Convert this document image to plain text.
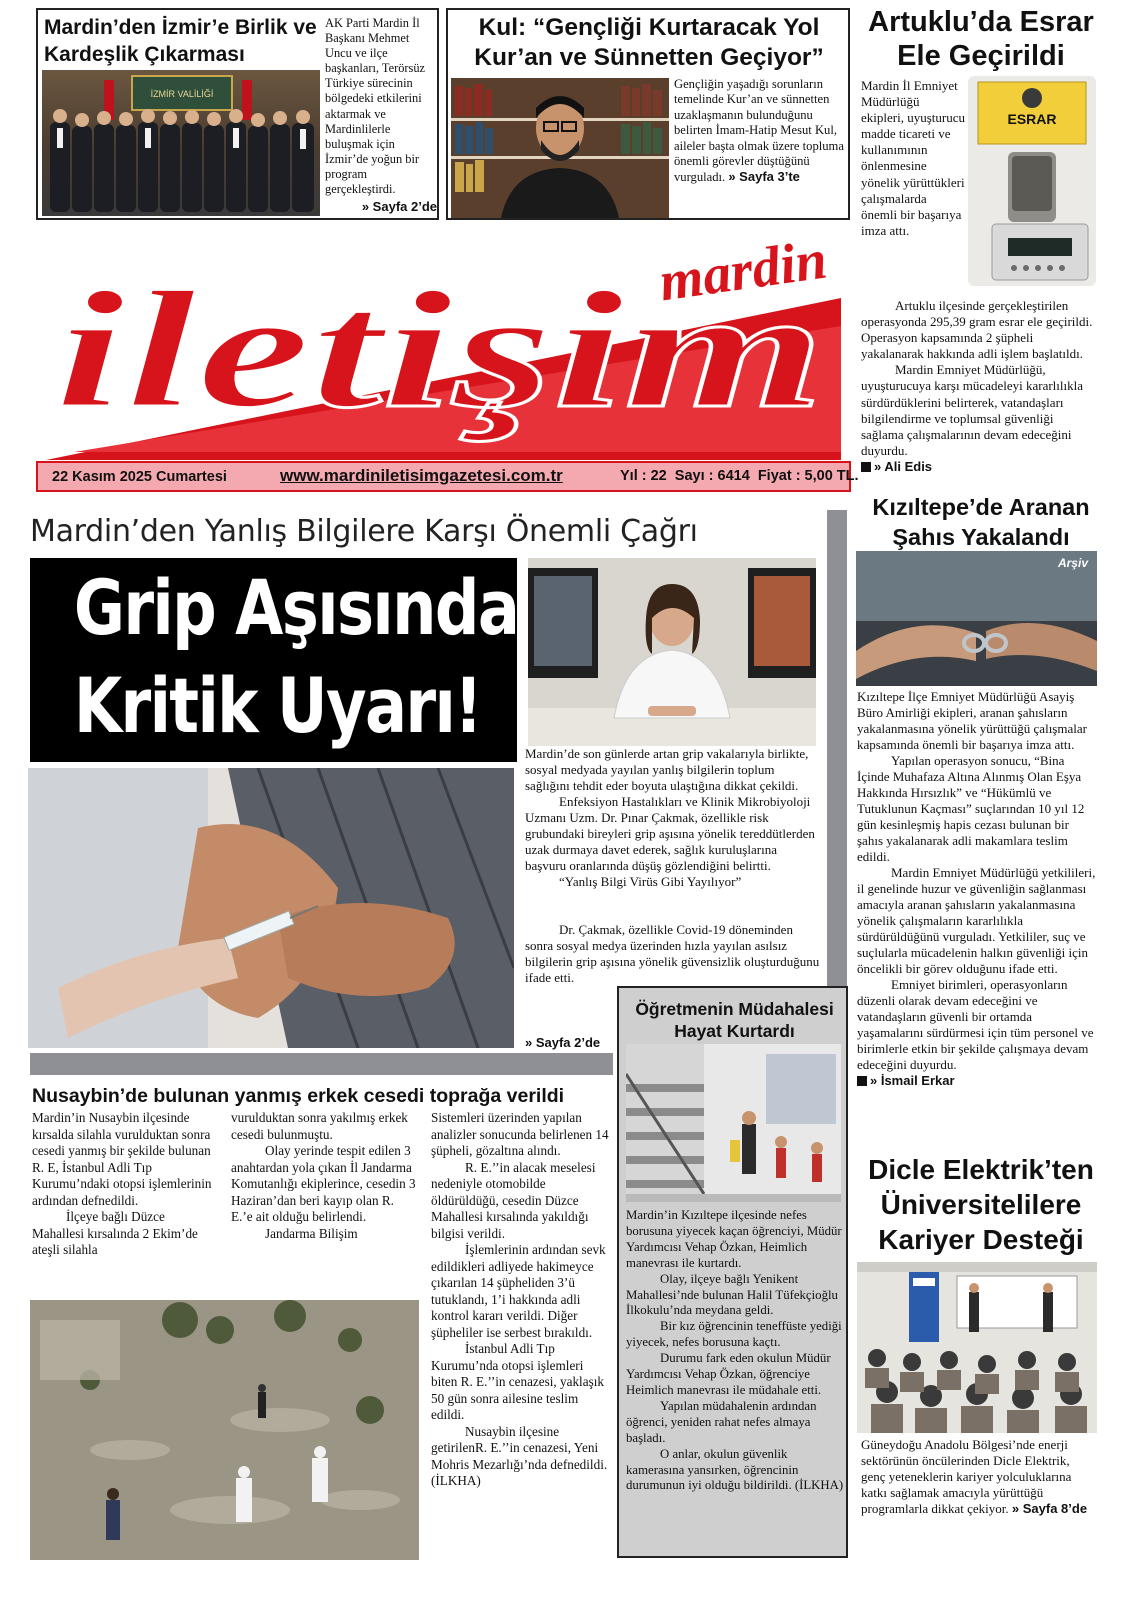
Mardin’den İzmir’e Birlik ve Kardeşlik Çıkarması
İZMİR VALİLİĞİ
AK Parti Mardin İl Başkanı Mehmet Uncu ve ilçe başkanları, Terörsüz Türkiye sürecinin bölgedeki etkilerini aktarmak ve Mardinlilerle buluşmak için İzmir’de yoğun bir program gerçekleştirdi.
» Sayfa 2’de
Kul: “Gençliği Kurtaracak Yol Kur’an ve Sünnetten Geçiyor”
Gençliğin yaşadığı sorunların temelinde Kur’an ve sünnetten uzaklaşmanın bulunduğunu belirten İmam-Hatip Mesut Kul, aileler başta olmak üzere topluma önemli görevler düştüğünü vurguladı. » Sayfa 3’te
mardin
iletişim
22 Kasım 2025 Cumartesi	www.mardiniletisimgazetesi.com.tr	Yıl : 22  Sayı : 6414  Fiyat : 5,00 TL.
Artuklu’da Esrar Ele Geçirildi
ESRAR
Mardin İl Emniyet Müdürlüğü ekipleri, uyuşturucu madde ticareti ve kullanımının önlenmesine yönelik yürüttükleri çalışmalarda önemli bir başarıya imza attı.

Artuklu ilçesinde gerçekleştirilen operasyonda 295,39 gram esrar ele geçirildi. Operasyon kapsamında 2 şüpheli yakalanarak hakkında adli işlem başlatıldı.

Mardin Emniyet Müdürlüğü, uyuşturucuya karşı mücadeleyi kararlılıkla sürdürdüklerini belirterek, vatandaşları bilgilendirme ve toplumsal güvenliği sağlama çalışmalarının devam edeceğini duyurdu.

» Ali Edis

Kızıltepe’de Aranan Şahıs Yakalandı
Arşiv

Kızıltepe İlçe Emniyet Müdürlüğü Asayiş Büro Amirliği ekipleri, aranan şahısların yakalanmasına yönelik yürüttüğü çalışmalar kapsamında önemli bir başarıya imza attı.

Yapılan operasyon sonucu, “Bina İçinde Muhafaza Altına Alınmış Olan Eşya Hakkında Hırsızlık” ve “Hükümlü ve Tutuklunun Kaçması” suçlarından 10 yıl 12 gün kesinleşmiş hapis cezası bulunan bir şahıs yakalanarak adli makamlara teslim edildi.

Mardin Emniyet Müdürlüğü yetkilileri, il genelinde huzur ve güvenliğin sağlanması amacıyla aranan şahısların yakalanmasına yönelik çalışmaların kararlılıkla sürdürüldüğünü vurguladı. Yetkililer, suç ve suçlularla mücadelenin halkın güvenliği için öncelikli bir görev olduğunu ifade etti.

Emniyet birimleri, operasyonların düzenli olarak devam edeceğini ve vatandaşların güvenli bir ortamda yaşamalarını sürdürmesi için tüm personel ve birimlerle etkin bir şekilde çalışmaya devam edeceğini duyurdu.

» İsmail Erkar

Dicle Elektrik’ten Üniversitelilere Kariyer Desteği
Güneydoğu Anadolu Bölgesi’nde enerji sektörünün öncülerinden Dicle Elektrik, genç yeteneklerin kariyer yolculuklarına katkı sağlamak amacıyla yürüttüğü programlarla dikkat çekiyor. » Sayfa 8’de
Mardin’den Yanlış Bilgilere Karşı Önemli Çağrı
Grip Aşısında
Kritik Uyarı!

Mardin’de son günlerde artan grip vakalarıyla birlikte, sosyal medyada yayılan yanlış bilgilerin toplum sağlığını tehdit eder boyuta ulaştığına dikkat çekildi.

Enfeksiyon Hastalıkları ve Klinik Mikrobiyoloji Uzmanı Uzm. Dr. Pınar Çakmak, özellikle risk grubundaki bireyleri grip aşısına yönelik tereddütlerden uzak durmaya davet ederek, sağlık kuruluşlarına başvuru oranlarında düşüş gözlendiğini belirtti.

“Yanlış Bilgi Virüs Gibi Yayılıyor”

Dr. Çakmak, özellikle Covid-19 döneminden sonra sosyal medya üzerinden hızla yayılan asılsız bilgilerin grip aşısına yönelik güvensizlik oluşturduğunu ifade etti.

» Sayfa 2’de
Öğretmenin Müdahalesi Hayat Kurtardı

Mardin’in Kızıltepe ilçesinde nefes borusuna yiyecek kaçan öğrenciyi, Müdür Yardımcısı Vehap Özkan, Heimlich manevrası ile kurtardı.

Olay, ilçeye bağlı Yenikent Mahallesi’nde bulunan Halil Tüfekçioğlu İlkokulu’nda meydana geldi.

Bir kız öğrencinin teneffüste yediği yiyecek, nefes borusuna kaçtı.

Durumu fark eden okulun Müdür Yardımcısı Vehap Özkan, öğrenciye Heimlich manevrası ile müdahale etti.

Yapılan müdahalenin ardından öğrenci, yeniden rahat nefes almaya başladı.

O anlar, okulun güvenlik kamerasına yansırken, öğrencinin durumunun iyi olduğu bildirildi. (İLKHA)

Nusaybin’de bulunan yanmış erkek cesedi toprağa verildi

Mardin’in Nusaybin ilçesinde kırsalda silahla vurulduktan sonra cesedi yanmış bir şekilde bulunan R. E, İstanbul Adli Tıp Kurumu’ndaki otopsi işlemlerinin ardından defnedildi.

İlçeye bağlı Düzce Mahallesi kırsalında 2 Ekim’de ateşli silahla

vurulduktan sonra yakılmış erkek cesedi bulunmuştu.

Olay yerinde tespit edilen 3 anahtardan yola çıkan İl Jandarma Komutanlığı ekiplerince, cesedin 3 Haziran’dan beri kayıp olan R. E.’e ait olduğu belirlendi.

Jandarma Bilişim

Sistemleri üzerinden yapılan analizler sonucunda belirlenen 14 şüpheli, gözaltına alındı.

R. E.’’in alacak meselesi nedeniyle otomobilde öldürüldüğü, cesedin Düzce Mahallesi kırsalında yakıldığı bilgisi verildi.

İşlemlerinin ardından sevk edildikleri adliyede hakimeyce çıkarılan 14 şüpheliden 3’ü tutuklandı, 1’i hakkında adli kontrol kararı verildi. Diğer şüpheliler ise serbest bırakıldı.

İstanbul Adli Tıp Kurumu’nda otopsi işlemleri biten R. E.’’in cenazesi, yaklaşık 50 gün sonra ailesine teslim edildi.

Nusaybin ilçesine getirilenR. E.’’in cenazesi, Yeni Mohris Mezarlığı’nda defnedildi. (İLKHA)
